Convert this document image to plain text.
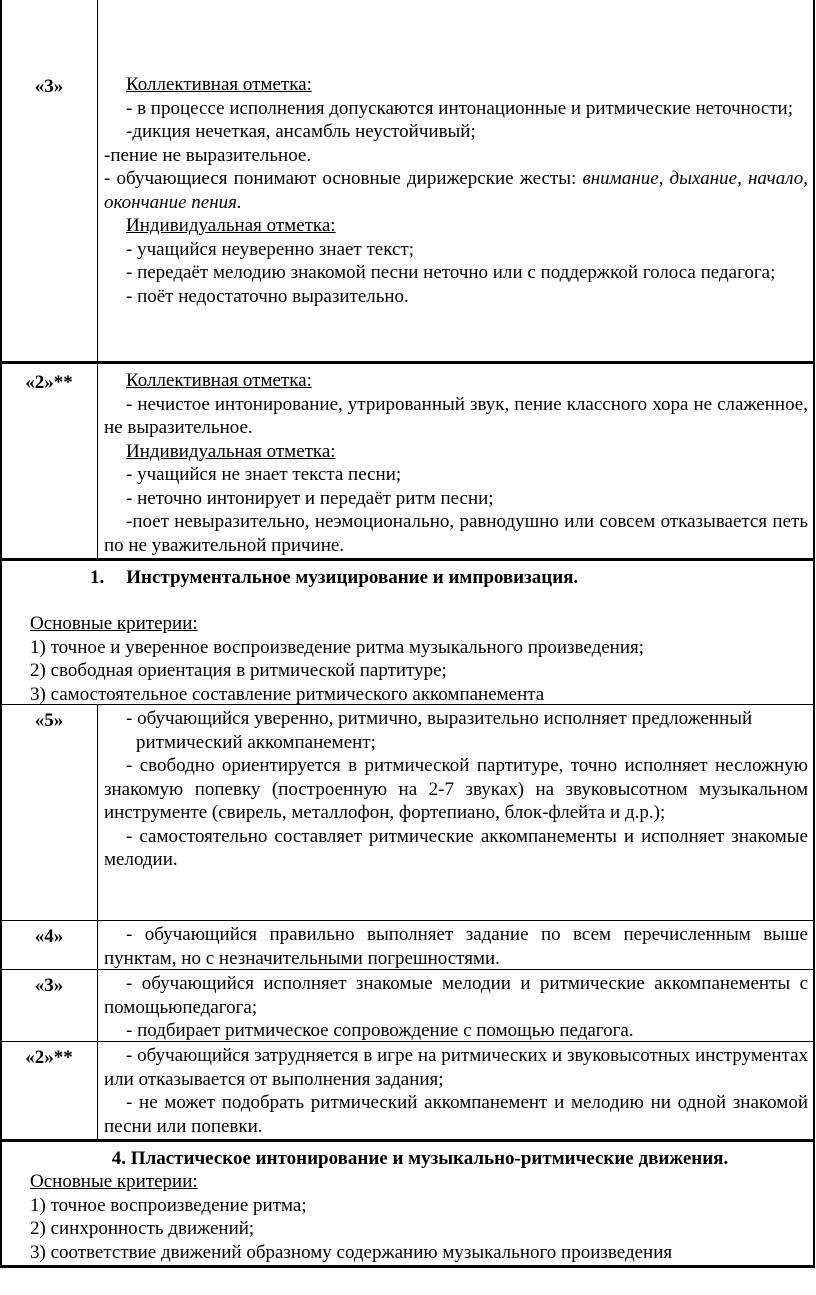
«3»	Коллективная отметка:

- в процессе исполнения допускаются интонационные и ритмические неточности;

-дикция нечеткая, ансамбль неустойчивый;

-пение не выразительное.

- обучающиеся понимают основные дирижерские жесты: внимание, дыхание, начало, окончание пения.

Индивидуальная отметка:

- учащийся неуверенно знает текст;

- передаёт мелодию знакомой песни неточно или с поддержкой голоса педагога;

- поёт недостаточно выразительно.

«2»**	Коллективная отметка:

- нечистое интонирование, утрированный звук, пение классного хора не слаженное, не выразительное.

Индивидуальная отметка:

- учащийся не знает текста песни;

- неточно интонирует и передаёт ритм песни;

-поет невыразительно, неэмоционально, равнодушно или совсем отказывается петь по не уважительной причине.

1. Инструментальное музицирование и импровизация.

Основные критерии:

1) точное и уверенное воспроизведение ритма музыкального произведения;

2) свободная ориентация в ритмической партитуре;

3) самостоятельное составление ритмического аккомпанемента

«5»	- обучающийся уверенно, ритмично, выразительно исполняет предложенный

ритмический аккомпанемент;

- свободно ориентируется в ритмической партитуре, точно исполняет несложную знакомую попевку (построенную на 2-7 звуках) на звуковысотном музыкальном инструменте (свирель, металлофон, фортепиано, блок-флейта и д.р.);

- самостоятельно составляет ритмические аккомпанементы и исполняет знакомые мелодии.

«4»	- обучающийся правильно выполняет задание по всем перечисленным выше пунктам, но с незначительными погрешностями.

«3»	- обучающийся исполняет знакомые мелодии и ритмические аккомпанементы с помощьюпедагога;

- подбирает ритмическое сопровождение с помощью педагога.

«2»**	- обучающийся затрудняется в игре на ритмических и звуковысотных инструментах или отказывается от выполнения задания;

- не может подобрать ритмический аккомпанемент и мелодию ни одной знакомой песни или попевки.

4. Пластическое интонирование и музыкально-ритмические движения.

Основные критерии:

1) точное воспроизведение ритма;

2) синхронность движений;

3) соответствие движений образному содержанию музыкального произведения
